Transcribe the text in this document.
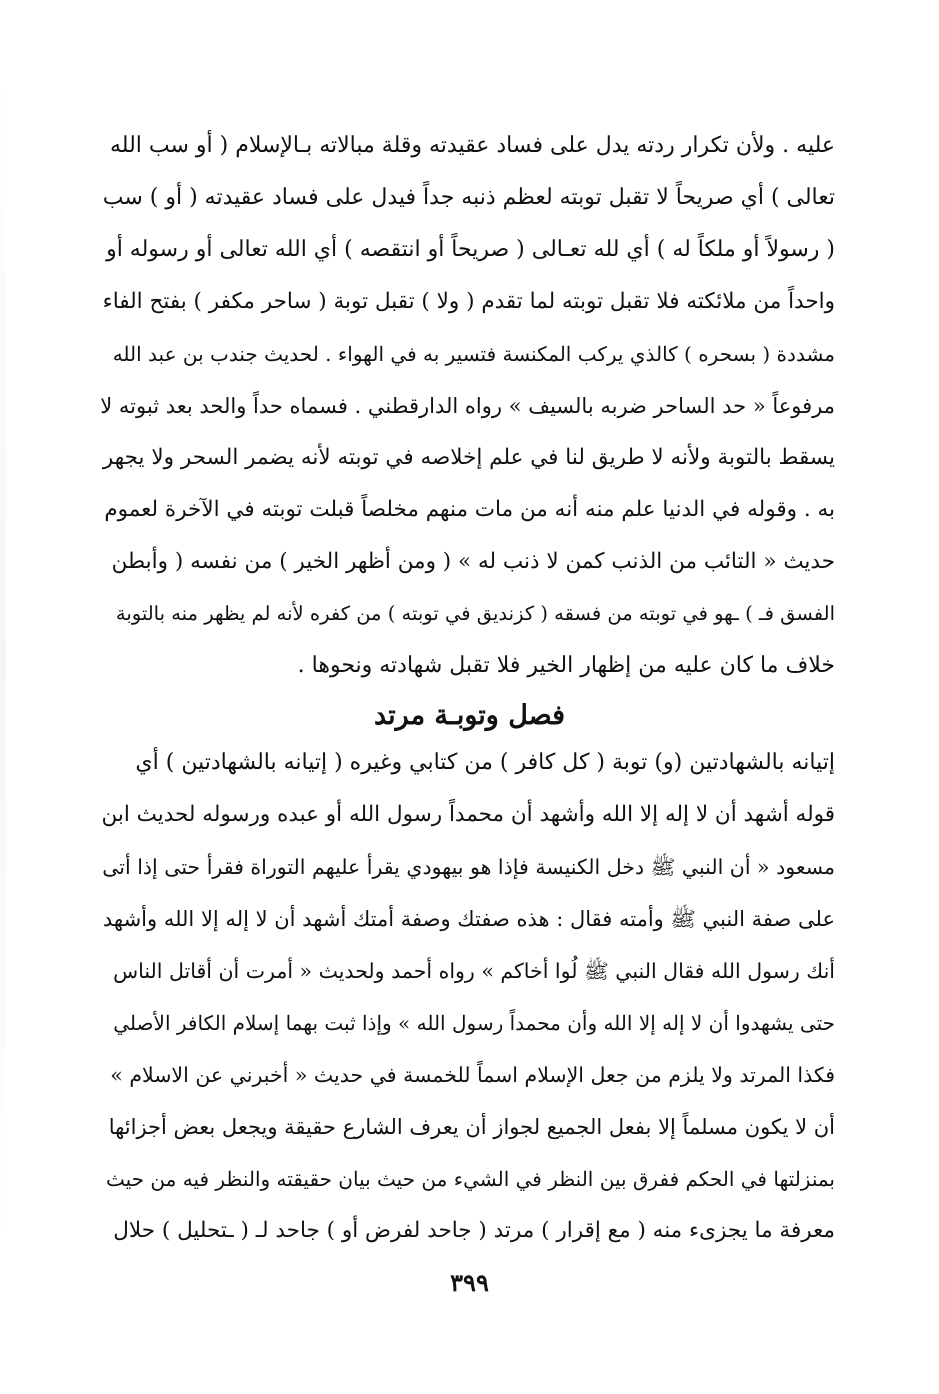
عليه . ولأن تكرار ردته يدل على فساد عقيدته وقلة مبالاته بـالإسلام ( أو سب الله
تعالى ) أي صريحاً لا تقبل توبته لعظم ذنبه جداً فيدل على فساد عقيدته ( أو ) سب
( رسولاً أو ملكاً له ) أي لله تعـالى ( صريحاً أو انتقصه ) أي الله تعالى أو رسوله أو
واحداً من ملائكته فلا تقبل توبته لما تقدم ( ولا ) تقبل توبة ( ساحر مكفر ) بفتح الفاء
مشددة ( بسحره ) كالذي يركب المكنسة فتسير به في الهواء . لحديث جندب بن عبد الله
مرفوعاً « حد الساحر ضربه بالسيف » رواه الدارقطني . فسماه حداً والحد بعد ثبوته لا
يسقط بالتوبة ولأنه لا طريق لنا في علم إخلاصه في توبته لأنه يضمر السحر ولا يجهر
به . وقوله في الدنيا علم منه أنه من مات منهم مخلصاً قبلت توبته في الآخرة لعموم
حديث « التائب من الذنب كمن لا ذنب له » ( ومن أظهر الخير ) من نفسه ( وأبطن
الفسق فـ ) ـهو في توبته من فسقه ( كزنديق في توبته ) من كفره لأنه لم يظهر منه بالتوبة
خلاف ما كان عليه من إظهار الخير فلا تقبل شهادته ونحوها .
فصل وتوبـة مرتد
إتيانه بالشهادتين (و) توبة ( كل كافر ) من كتابي وغيره ( إتيانه بالشهادتين ) أي
قوله أشهد أن لا إله إلا الله وأشهد أن محمداً رسول الله أو عبده ورسوله لحديث ابن
مسعود « أن النبي ﷺ دخل الكنيسة فإذا هو بيهودي يقرأ عليهم التوراة فقرأ حتى إذا أتى
على صفة النبي ﷺ وأمته فقال : هذه صفتك وصفة أمتك أشهد أن لا إله إلا الله وأشهد
أنك رسول الله فقال النبي ﷺ لُوا أخاكم » رواه أحمد ولحديث « أمرت أن أقاتل الناس
حتى يشهدوا أن لا إله إلا الله وأن محمداً رسول الله » وإذا ثبت بهما إسلام الكافر الأصلي
فكذا المرتد ولا يلزم من جعل الإسلام اسماً للخمسة في حديث « أخبرني عن الاسلام »
أن لا يكون مسلماً إلا بفعل الجميع لجواز أن يعرف الشارع حقيقة ويجعل بعض أجزائها
بمنزلتها في الحكم ففرق بين النظر في الشيء من حيث بيان حقيقته والنظر فيه من حيث
معرفة ما يجزىء منه ( مع إقرار ) مرتد ( جاحد لفرض أو ) جاحد لـ ( ـتحليل ) حلال
٣٩٩
